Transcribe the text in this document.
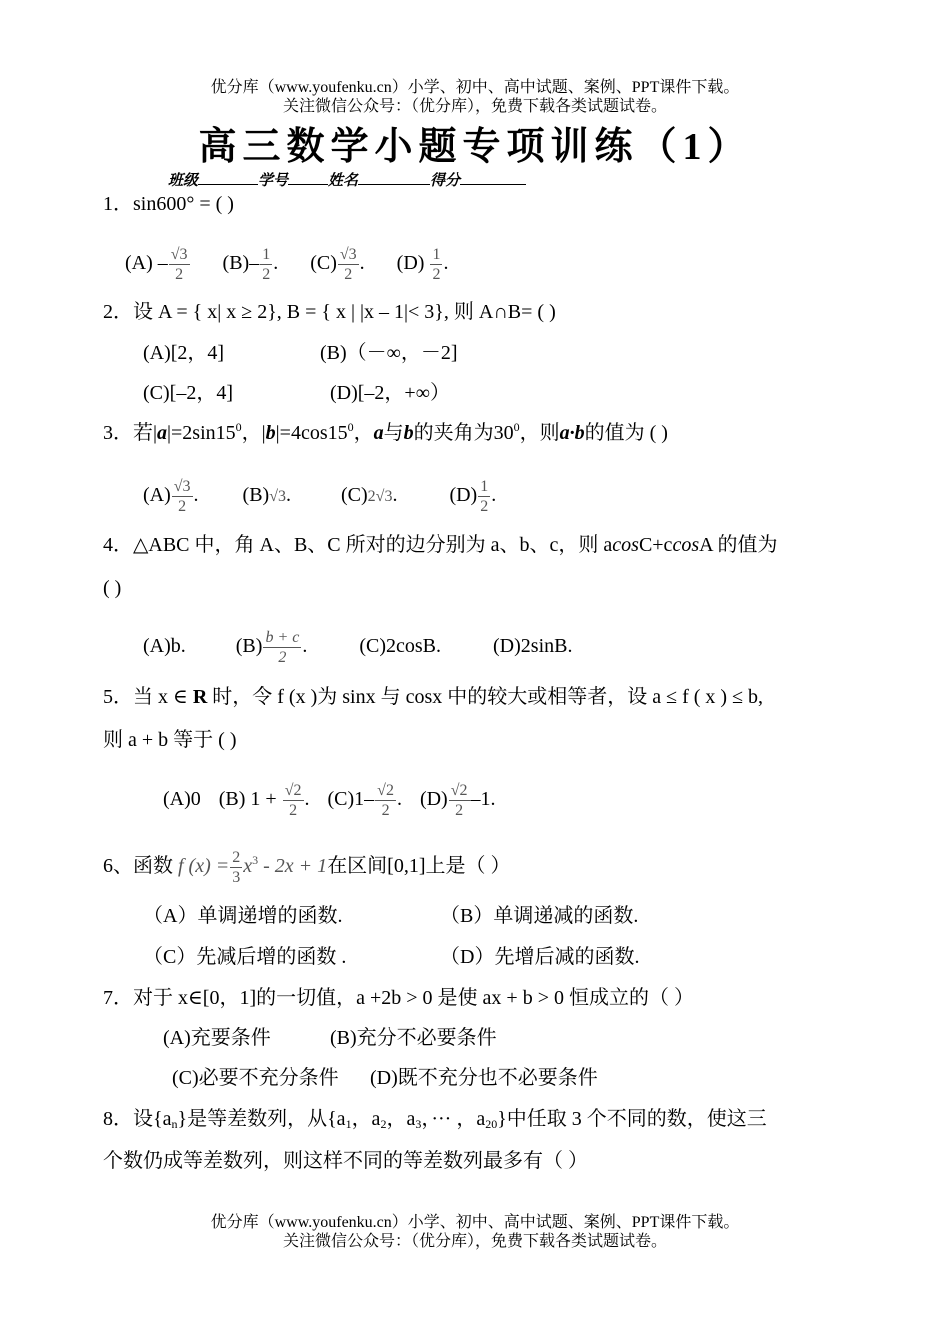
优分库（www.youfenku.cn）小学、初中、高中试题、案例、PPT课件下载。
关注微信公众号：（优分库），免费下载各类试题试卷。
高三数学小题专项训练（1）
班级	学号	姓名	得分
1．sin600° = ( )
$(A) - \frac{√3}{2} (B)- \frac{1}{2}$ . $(C) \frac{√3}{2}$ . $(D) \frac{1}{2}$ .
2．设 A = { x| x ≥ 2}, B = { x | |x – 1|< 3}, 则 A∩B= ( )
(A)[2，4]	(B)（－∞，－2]
(C)[–2，4]	(D)[–2，+∞）
3．若$|a|=2\sin 15^0$，$|b|=4\cos 15^0$，a与b的夹角为$30^0$，则a·b的值为 ( )
$(A) \frac{√3}{2}$ . (B)√3.	(C)2√3.	$(D) \frac{1}{2}$ .
4．△ABC 中，角 A、B、C 所对的边分别为 a、b、c，则 acosC+ccosA 的值为
( )
(A)b.	$(B) \frac{b + c}{2}$ .	(C)2cosB.	(D)2sinB.
5．当 x ∈ R 时，令 f (x )为 sinx 与 cosx 中的较大或相等者，设 a ≤ f ( x ) ≤ b,
则 a + b 等于 ( )
(A)0 (B) $1 + \frac{√2}{2}$ . $(C)1- \frac{√2}{2}$ . $(D) \frac{√2}{2} -1$.
6、函数 f $(x) = \frac{2}{3} x^3 - 2x + 1$在区间[0,1]上是（ ）
（A）单调递增的函数.	（B）单调递减的函数.
（C）先减后增的函数 .	（D）先增后减的函数.
7．对于 x∈[0，1]的一切值，a +2b > 0 是使 ax + b > 0 恒成立的（ ）
(A)充要条件	(B)充分不必要条件
(C)必要不充分条件 (D)既不充分也不必要条件
8．设$\{a_n\}$是等差数列，从{$a_1$，$a_2$，$a_3$，··· ，$a_{20}$}中任取 3 个不同的数，使这三
个数仍成等差数列，则这样不同的等差数列最多有（ ）
优分库（www.youfenku.cn）小学、初中、高中试题、案例、PPT课件下载。
关注微信公众号：（优分库），免费下载各类试题试卷。
